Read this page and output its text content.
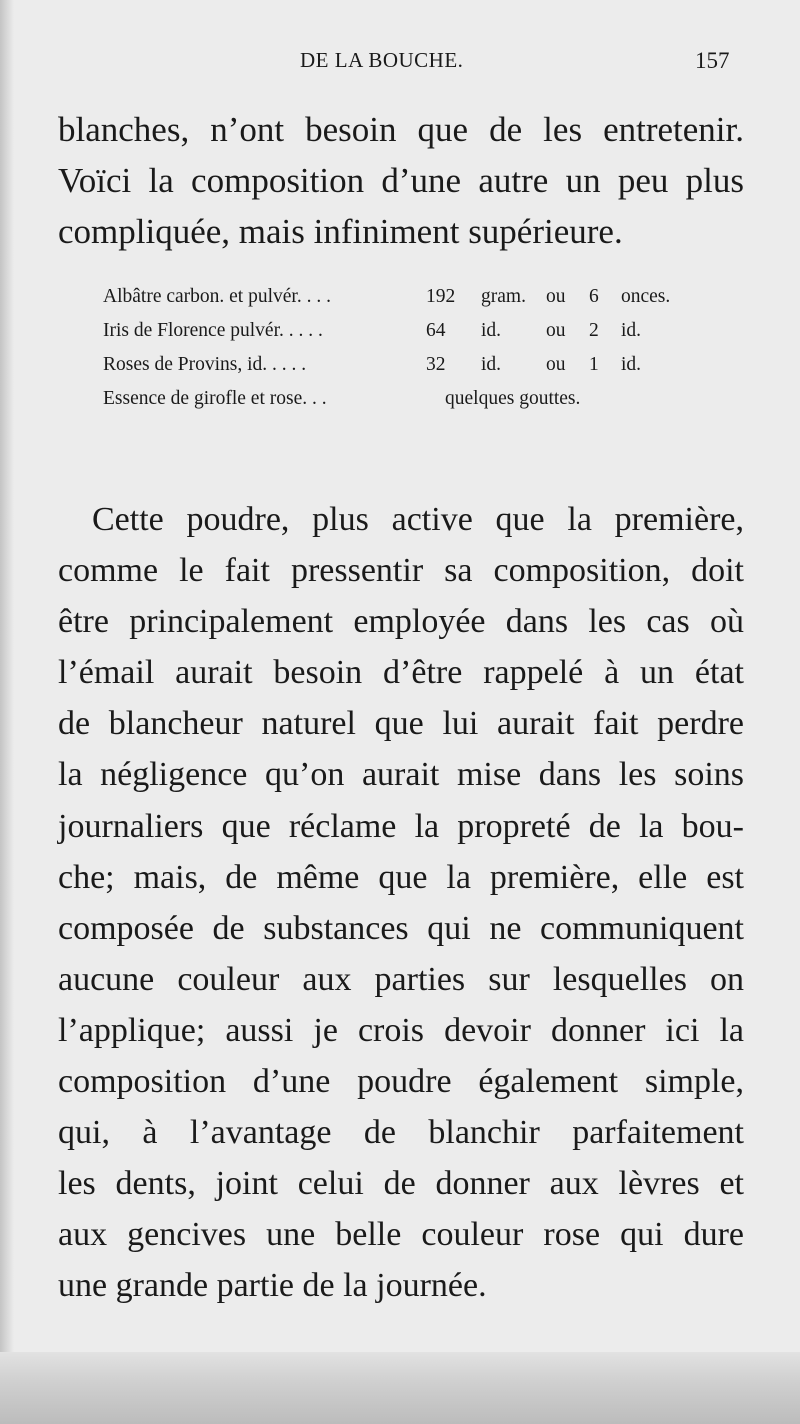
DE LA BOUCHE.	157
blanches, n’ont besoin que de les entretenir.
Voïci la composition d’une autre un peu plus
compliquée, mais infiniment supérieure.
Albâtre carbon. et pulvér. . . .	192 gram. ou 6 onces.
Iris de Florence pulvér. . . . .	64 id. ou 2 id.
Roses de Provins, id. . . . .	32 id. ou 1 id.
Essence de girofle et rose. . .	quelques gouttes.
Cette poudre, plus active que la première,
comme le fait pressentir sa composition, doit
être principalement employée dans les cas où
l’émail aurait besoin d’être rappelé à un état
de blancheur naturel que lui aurait fait perdre
la négligence qu’on aurait mise dans les soins
journaliers que réclame la propreté de la bou-
che; mais, de même que la première, elle est
composée de substances qui ne communiquent
aucune couleur aux parties sur lesquelles on
l’applique; aussi je crois devoir donner ici la
composition d’une poudre également simple,
qui, à l’avantage de blanchir parfaitement
les dents, joint celui de donner aux lèvres et
aux gencives une belle couleur rose qui dure
une grande partie de la journée.
